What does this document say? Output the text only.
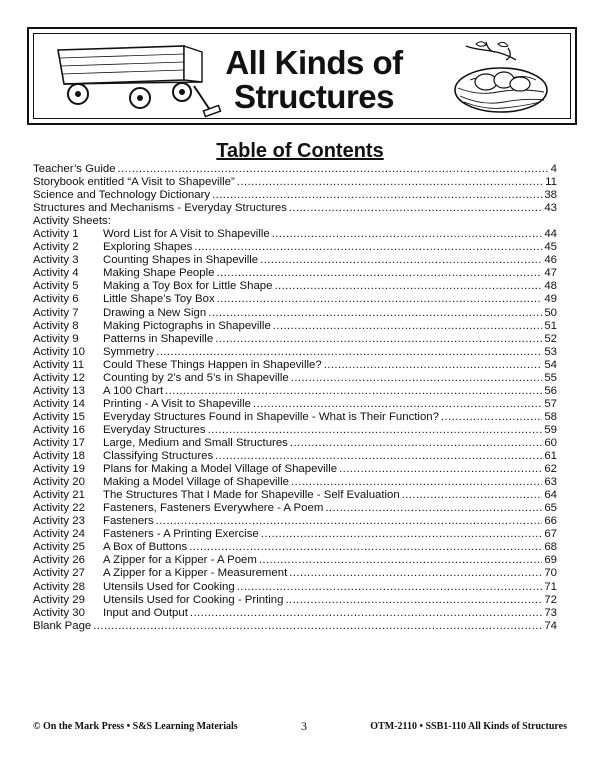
All Kinds of
Structures
Table of Contents
Teacher’s Guide .....	4
Storybook entitled “A Visit to Shapeville” .....	11
Science and Technology Dictionary .....	38
Structures and Mechanisms - Everyday Structures .....	43
Activity Sheets:
Activity 1	Word List for A Visit to Shapeville .....	44
Activity 2	Exploring Shapes .....	45
Activity 3	Counting Shapes in Shapeville .....	46
Activity 4	Making Shape People .....	47
Activity 5	Making a Toy Box for Little Shape .....	48
Activity 6	Little Shape’s Toy Box .....	49
Activity 7	Drawing a New Sign .....	50
Activity 8	Making Pictographs in Shapeville .....	51
Activity 9	Patterns in Shapeville .....	52
Activity 10	Symmetry .....	53
Activity 11	Could These Things Happen in Shapeville? .....	54
Activity 12	Counting by 2’s and 5’s in Shapeville .....	55
Activity 13	A 100 Chart .....	56
Activity 14	Printing - A Visit to Shapeville .....	57
Activity 15	Everyday Structures Found in Shapeville - What is Their Function? .....	58
Activity 16	Everyday Structures .....	59
Activity 17	Large, Medium and Small Structures .....	60
Activity 18	Classifying Structures .....	61
Activity 19	Plans for Making a Model Village of Shapeville .....	62
Activity 20	Making a Model Village of Shapeville .....	63
Activity 21	The Structures That I Made for Shapeville - Self Evaluation .....	64
Activity 22	Fasteners, Fasteners Everywhere - A Poem .....	65
Activity 23	Fasteners .....	66
Activity 24	Fasteners - A Printing Exercise .....	67
Activity 25	A Box of Buttons .....	68
Activity 26	A Zipper for a Kipper - A Poem .....	69
Activity 27	A Zipper for a Kipper - Measurement .....	70
Activity 28	Utensils Used for Cooking .....	71
Activity 29	Utensils Used for Cooking - Printing .....	72
Activity 30	Input and Output .....	73
Blank Page .....	74
© On the Mark Press • S&S Learning Materials	3	OTM-2110 • SSB1-110 All Kinds of Structures
